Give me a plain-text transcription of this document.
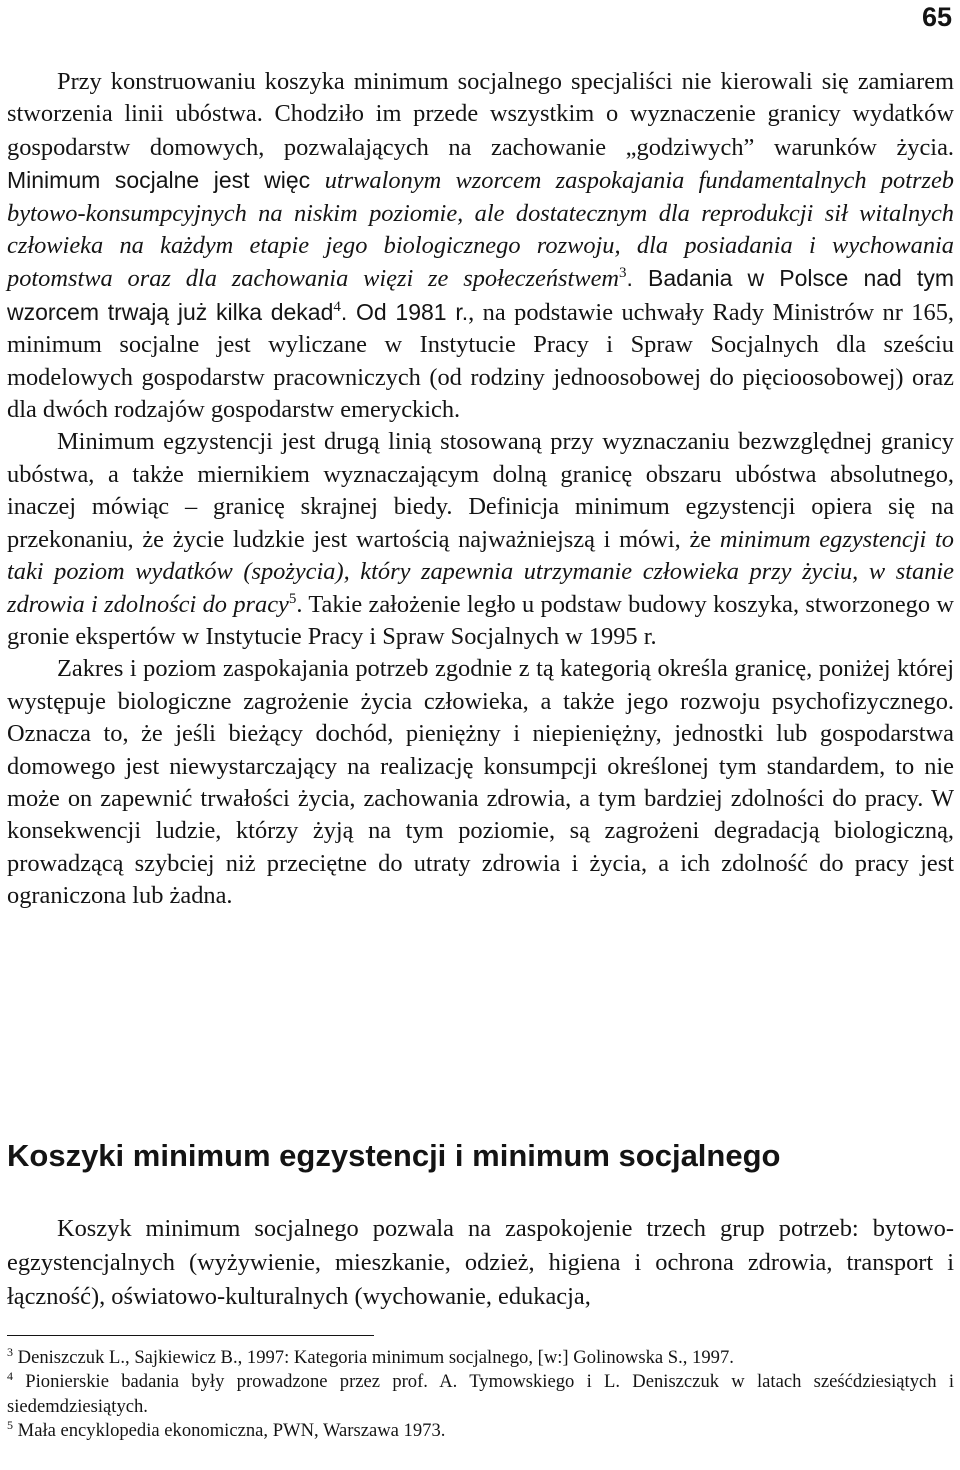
65

Przy konstruowaniu koszyka minimum socjalnego specjaliści nie kierowali się zamiarem stworzenia linii ubóstwa. Chodziło im przede wszystkim o wyznaczenie granicy wydatków gospodarstw domowych, pozwalających na zachowanie „godziwych” warunków życia. Minimum socjalne jest więc utrwalonym wzorcem zaspokajania fundamentalnych potrzeb bytowo-konsumpcyjnych na niskim poziomie, ale dostatecznym dla reprodukcji sił witalnych człowieka na każdym etapie jego biologicznego rozwoju, dla posiadania i wychowania potomstwa oraz dla zachowania więzi ze społeczeństwem$^3$. Badania w Polsce nad tym wzorcem trwają już kilka dekad$^4$. Od 1981 r., na podstawie uchwały Rady Ministrów nr 165, minimum socjalne jest wyliczane w Instytucie Pracy i Spraw Socjalnych dla sześciu modelowych gospodarstw pracowniczych (od rodziny jednoosobowej do pięcioosobowej) oraz dla dwóch rodzajów gospodarstw emeryckich.

Minimum egzystencji jest drugą linią stosowaną przy wyznaczaniu bezwzględnej granicy ubóstwa, a także miernikiem wyznaczającym dolną granicę obszaru ubóstwa absolutnego, inaczej mówiąc – granicę skrajnej biedy. Definicja minimum egzystencji opiera się na przekonaniu, że życie ludzkie jest wartością najważniejszą i mówi, że minimum egzystencji to taki poziom wydatków (spożycia), który zapewnia utrzymanie człowieka przy życiu, w stanie zdrowia i zdolności do pracy$^5$. Takie założenie legło u podstaw budowy koszyka, stworzonego w gronie ekspertów w Instytucie Pracy i Spraw Socjalnych w 1995 r.

Zakres i poziom zaspokajania potrzeb zgodnie z tą kategorią określa granicę, poniżej której występuje biologiczne zagrożenie życia człowieka, a także jego rozwoju psychofizycznego. Oznacza to, że jeśli bieżący dochód, pieniężny i niepieniężny, jednostki lub gospodarstwa domowego jest niewystarczający na realizację konsumpcji określonej tym standardem, to nie może on zapewnić trwałości życia, zachowania zdrowia, a tym bardziej zdolności do pracy. W konsekwencji ludzie, którzy żyją na tym poziomie, są zagrożeni degradacją biologiczną, prowadzącą szybciej niż przeciętne do utraty zdrowia i życia, a ich zdolność do pracy jest ograniczona lub żadna.

Koszyki minimum egzystencji i minimum socjalnego

Koszyk minimum socjalnego pozwala na zaspokojenie trzech grup potrzeb: bytowo-egzystencjalnych (wyżywienie, mieszkanie, odzież, higiena i ochrona zdrowia, transport i łączność), oświatowo-kulturalnych (wychowanie, edukacja,

$^3$ Deniszczuk L., Sajkiewicz B., 1997: Kategoria minimum socjalnego, [w:] Golinowska S., 1997.

$^4$ Pionierskie badania były prowadzone przez prof. A. Tymowskiego i L. Deniszczuk w latach sześćdziesiątych i siedemdziesiątych.

$^5$ Mała encyklopedia ekonomiczna, PWN, Warszawa 1973.
